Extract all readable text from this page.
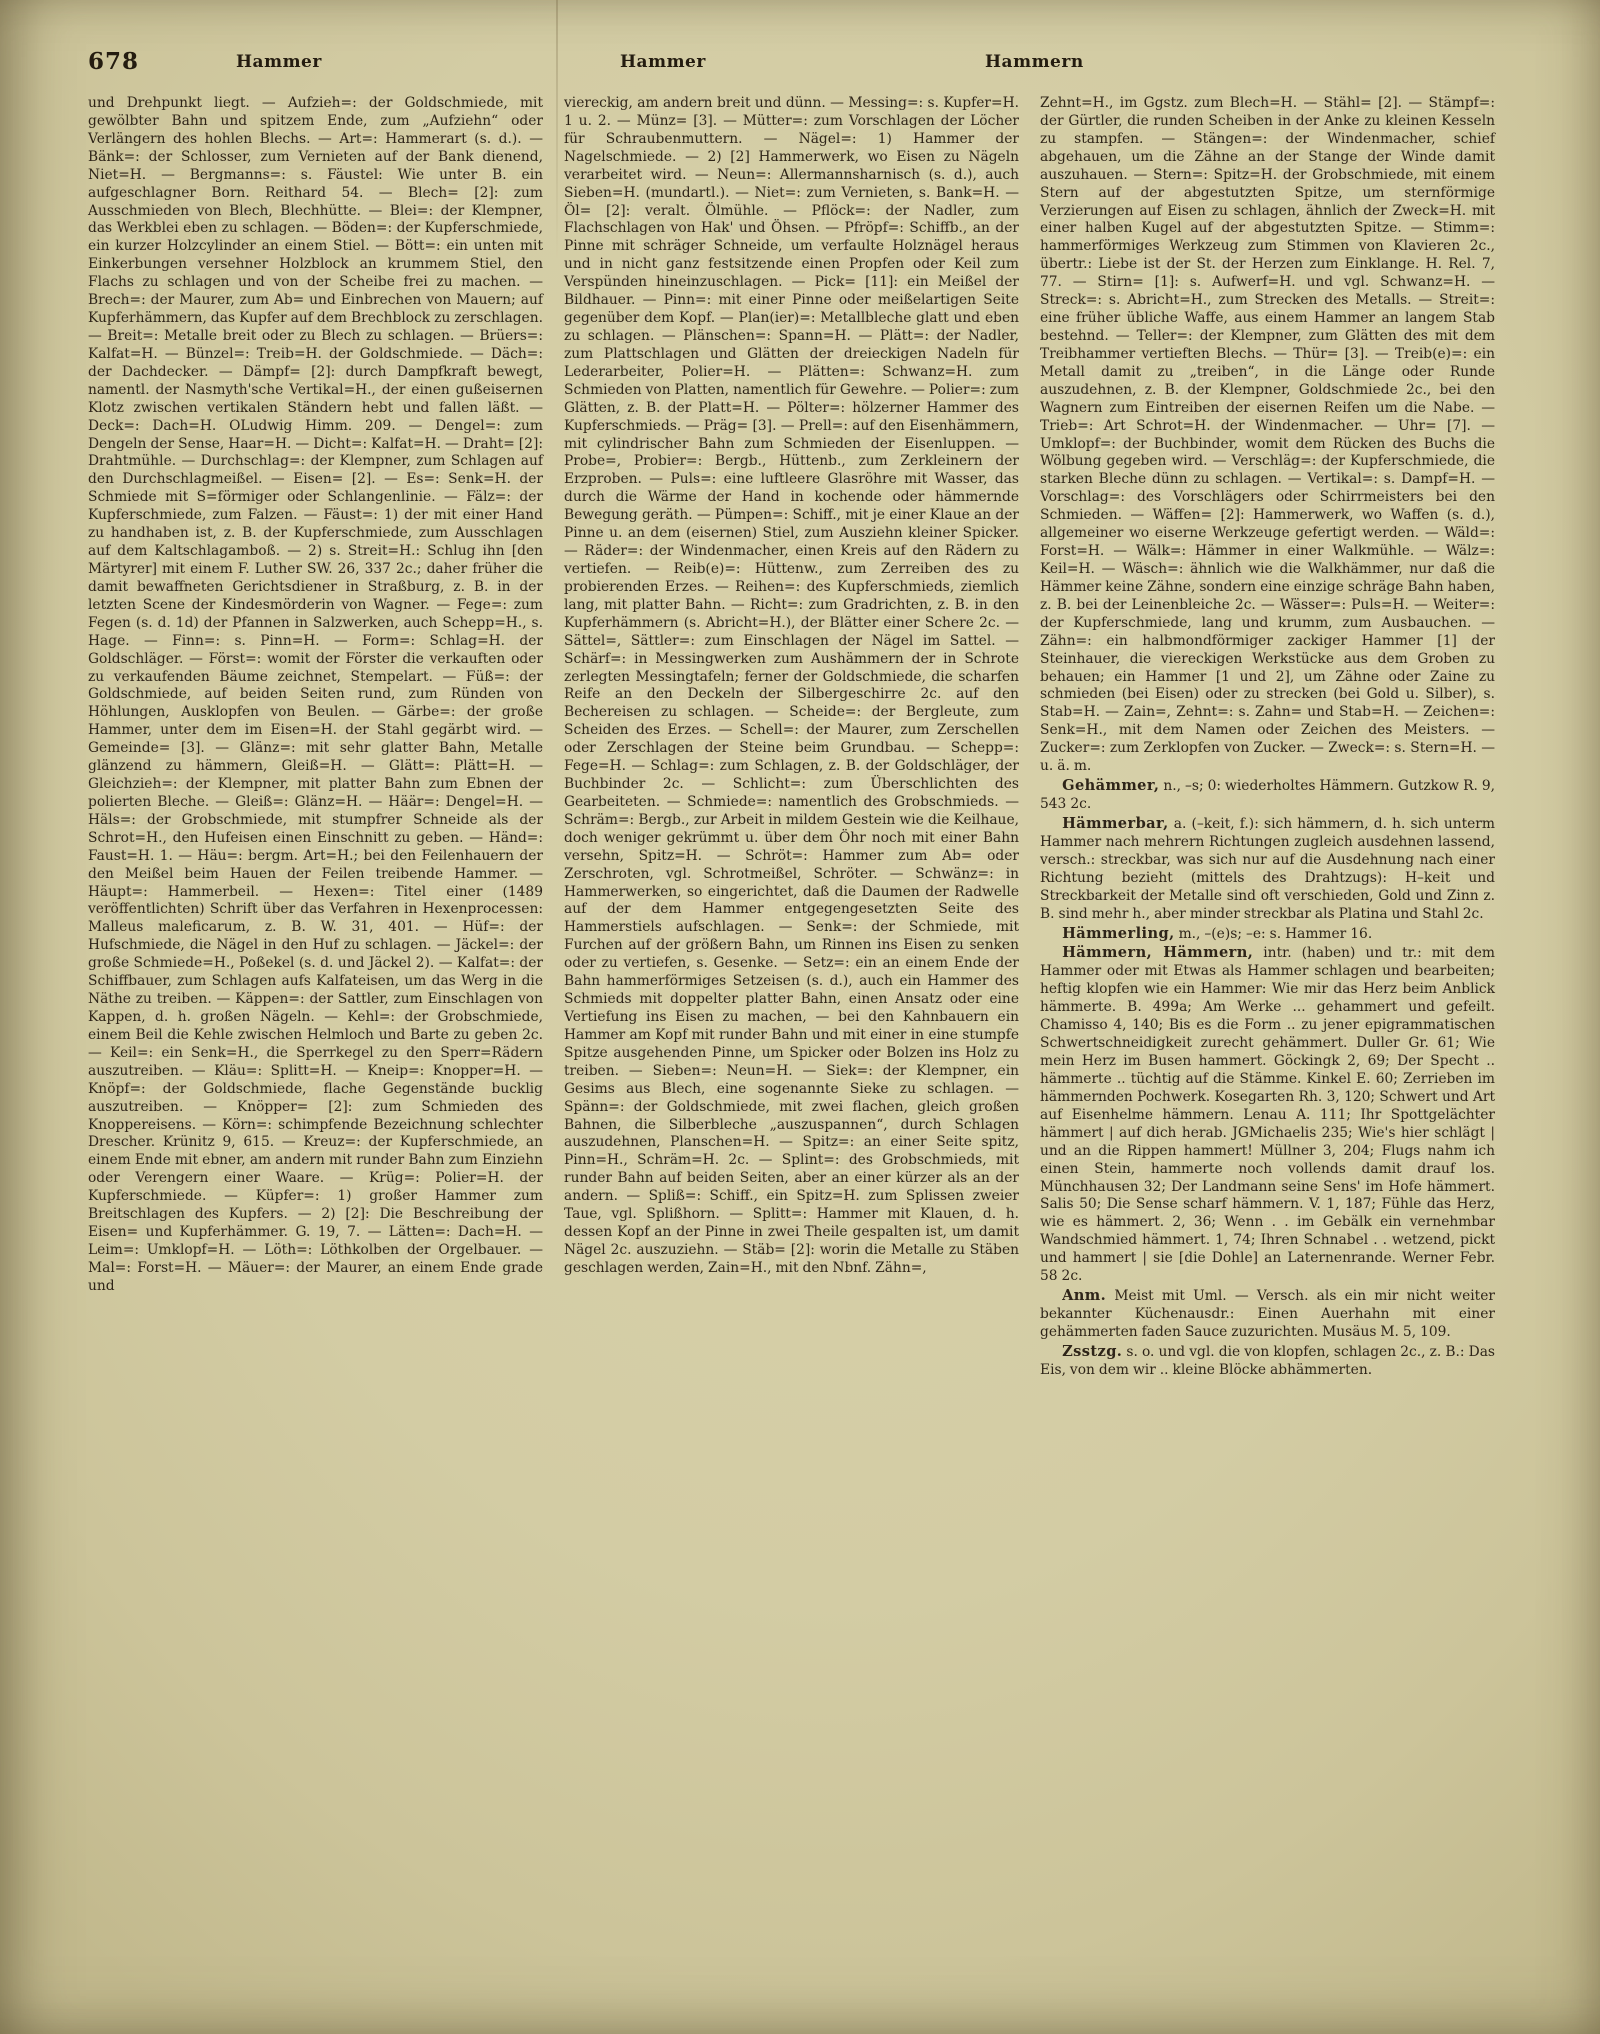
678	Hammer	Hammer	Hammern

und Drehpunkt liegt. — Aufzieh=: der Goldschmiede, mit gewölbter Bahn und spitzem Ende, zum „Aufziehn“ oder Verlängern des hohlen Blechs. — Art=: Hammerart (s. d.). — Bänk=: der Schlosser, zum Vernieten auf der Bank dienend, Niet=H. — Bergmanns=: s. Fäustel: Wie unter B. ein aufgeschlagner Born. Reithard 54. — Blech= [2]: zum Ausschmieden von Blech, Blechhütte. — Blei=: der Klempner, das Werkblei eben zu schlagen. — Böden=: der Kupferschmiede, ein kurzer Holzcylinder an einem Stiel. — Bött=: ein unten mit Einkerbungen versehner Holzblock an krummem Stiel, den Flachs zu schlagen und von der Scheibe frei zu machen. — Brech=: der Maurer, zum Ab= und Einbrechen von Mauern; auf Kupferhämmern, das Kupfer auf dem Brechblock zu zerschlagen. — Breit=: Metalle breit oder zu Blech zu schlagen. — Brüers=: Kalfat=H. — Bünzel=: Treib=H. der Goldschmiede. — Däch=: der Dachdecker. — Dämpf= [2]: durch Dampfkraft bewegt, namentl. der Nasmyth'sche Vertikal=H., der einen gußeisernen Klotz zwischen vertikalen Ständern hebt und fallen läßt. — Deck=: Dach=H. OLudwig Himm. 209. — Dengel=: zum Dengeln der Sense, Haar=H. — Dicht=: Kalfat=H. — Draht= [2]: Drahtmühle. — Durchschlag=: der Klempner, zum Schlagen auf den Durchschlagmeißel. — Eisen= [2]. — Es=: Senk=H. der Schmiede mit S=förmiger oder Schlangenlinie. — Fälz=: der Kupferschmiede, zum Falzen. — Fäust=: 1) der mit einer Hand zu handhaben ist, z. B. der Kupferschmiede, zum Ausschlagen auf dem Kaltschlagamboß. — 2) s. Streit=H.: Schlug ihn [den Märtyrer] mit einem F. Luther SW. 26, 337 2c.; daher früher die damit bewaffneten Gerichtsdiener in Straßburg, z. B. in der letzten Scene der Kindesmörderin von Wagner. — Fege=: zum Fegen (s. d. 1d) der Pfannen in Salzwerken, auch Schepp=H., s. Hage. — Finn=: s. Pinn=H. — Form=: Schlag=H. der Goldschläger. — Först=: womit der Förster die verkauften oder zu verkaufenden Bäume zeichnet, Stempelart. — Füß=: der Goldschmiede, auf beiden Seiten rund, zum Ründen von Höhlungen, Ausklopfen von Beulen. — Gärbe=: der große Hammer, unter dem im Eisen=H. der Stahl gegärbt wird. — Gemeinde= [3]. — Glänz=: mit sehr glatter Bahn, Metalle glänzend zu hämmern, Gleiß=H. — Glätt=: Plätt=H. — Gleichzieh=: der Klempner, mit platter Bahn zum Ebnen der polierten Bleche. — Gleiß=: Glänz=H. — Häär=: Dengel=H. — Häls=: der Grobschmiede, mit stumpfrer Schneide als der Schrot=H., den Hufeisen einen Einschnitt zu geben. — Händ=: Faust=H. 1. — Häu=: bergm. Art=H.; bei den Feilenhauern der den Meißel beim Hauen der Feilen treibende Hammer. — Häupt=: Hammerbeil. — Hexen=: Titel einer (1489 veröffentlichten) Schrift über das Verfahren in Hexenprocessen: Malleus maleficarum, z. B. W. 31, 401. — Hüf=: der Hufschmiede, die Nägel in den Huf zu schlagen. — Jäckel=: der große Schmiede=H., Poßekel (s. d. und Jäckel 2). — Kalfat=: der Schiffbauer, zum Schlagen aufs Kalfateisen, um das Werg in die Näthe zu treiben. — Käppen=: der Sattler, zum Einschlagen von Kappen, d. h. großen Nägeln. — Kehl=: der Grobschmiede, einem Beil die Kehle zwischen Helmloch und Barte zu geben 2c. — Keil=: ein Senk=H., die Sperrkegel zu den Sperr=Rädern auszutreiben. — Kläu=: Splitt=H. — Kneip=: Knopper=H. — Knöpf=: der Goldschmiede, flache Gegenstände bucklig auszutreiben. — Knöpper= [2]: zum Schmieden des Knoppereisens. — Körn=: schimpfende Bezeichnung schlechter Drescher. Krünitz 9, 615. — Kreuz=: der Kupferschmiede, an einem Ende mit ebner, am andern mit runder Bahn zum Einziehn oder Verengern einer Waare. — Krüg=: Polier=H. der Kupferschmiede. — Küpfer=: 1) großer Hammer zum Breitschlagen des Kupfers. — 2) [2]: Die Beschreibung der Eisen= und Kupferhämmer. G. 19, 7. — Lätten=: Dach=H. — Leim=: Umklopf=H. — Löth=: Löthkolben der Orgelbauer. — Mal=: Forst=H. — Mäuer=: der Maurer, an einem Ende grade und

viereckig, am andern breit und dünn. — Messing=: s. Kupfer=H. 1 u. 2. — Münz= [3]. — Mütter=: zum Vorschlagen der Löcher für Schraubenmuttern. — Nägel=: 1) Hammer der Nagelschmiede. — 2) [2] Hammerwerk, wo Eisen zu Nägeln verarbeitet wird. — Neun=: Allermannsharnisch (s. d.), auch Sieben=H. (mundartl.). — Niet=: zum Vernieten, s. Bank=H. — Öl= [2]: veralt. Ölmühle. — Pflöck=: der Nadler, zum Flachschlagen von Hak' und Öhsen. — Pfröpf=: Schiffb., an der Pinne mit schräger Schneide, um verfaulte Holznägel heraus und in nicht ganz festsitzende einen Propfen oder Keil zum Verspünden hineinzuschlagen. — Pick= [11]: ein Meißel der Bildhauer. — Pinn=: mit einer Pinne oder meißelartigen Seite gegenüber dem Kopf. — Plan(ier)=: Metallbleche glatt und eben zu schlagen. — Plänschen=: Spann=H. — Plätt=: der Nadler, zum Plattschlagen und Glätten der dreieckigen Nadeln für Lederarbeiter, Polier=H. — Plätten=: Schwanz=H. zum Schmieden von Platten, namentlich für Gewehre. — Polier=: zum Glätten, z. B. der Platt=H. — Pölter=: hölzerner Hammer des Kupferschmieds. — Präg= [3]. — Prell=: auf den Eisenhämmern, mit cylindrischer Bahn zum Schmieden der Eisenluppen. — Probe=, Probier=: Bergb., Hüttenb., zum Zerkleinern der Erzproben. — Puls=: eine luftleere Glasröhre mit Wasser, das durch die Wärme der Hand in kochende oder hämmernde Bewegung geräth. — Pümpen=: Schiff., mit je einer Klaue an der Pinne u. an dem (eisernen) Stiel, zum Ausziehn kleiner Spicker. — Räder=: der Windenmacher, einen Kreis auf den Rädern zu vertiefen. — Reib(e)=: Hüttenw., zum Zerreiben des zu probierenden Erzes. — Reihen=: des Kupferschmieds, ziemlich lang, mit platter Bahn. — Richt=: zum Gradrichten, z. B. in den Kupferhämmern (s. Abricht=H.), der Blätter einer Schere 2c. — Sättel=, Sättler=: zum Einschlagen der Nägel im Sattel. — Schärf=: in Messingwerken zum Aushämmern der in Schrote zerlegten Messingtafeln; ferner der Goldschmiede, die scharfen Reife an den Deckeln der Silbergeschirre 2c. auf den Bechereisen zu schlagen. — Scheide=: der Bergleute, zum Scheiden des Erzes. — Schell=: der Maurer, zum Zerschellen oder Zerschlagen der Steine beim Grundbau. — Schepp=: Fege=H. — Schlag=: zum Schlagen, z. B. der Goldschläger, der Buchbinder 2c. — Schlicht=: zum Überschlichten des Gearbeiteten. — Schmiede=: namentlich des Grobschmieds. — Schräm=: Bergb., zur Arbeit in mildem Gestein wie die Keilhaue, doch weniger gekrümmt u. über dem Öhr noch mit einer Bahn versehn, Spitz=H. — Schröt=: Hammer zum Ab= oder Zerschroten, vgl. Schrotmeißel, Schröter. — Schwänz=: in Hammerwerken, so eingerichtet, daß die Daumen der Radwelle auf der dem Hammer entgegengesetzten Seite des Hammerstiels aufschlagen. — Senk=: der Schmiede, mit Furchen auf der größern Bahn, um Rinnen ins Eisen zu senken oder zu vertiefen, s. Gesenke. — Setz=: ein an einem Ende der Bahn hammerförmiges Setzeisen (s. d.), auch ein Hammer des Schmieds mit doppelter platter Bahn, einen Ansatz oder eine Vertiefung ins Eisen zu machen, — bei den Kahnbauern ein Hammer am Kopf mit runder Bahn und mit einer in eine stumpfe Spitze ausgehenden Pinne, um Spicker oder Bolzen ins Holz zu treiben. — Sieben=: Neun=H. — Siek=: der Klempner, ein Gesims aus Blech, eine sogenannte Sieke zu schlagen. — Spänn=: der Goldschmiede, mit zwei flachen, gleich großen Bahnen, die Silberbleche „auszuspannen“, durch Schlagen auszudehnen, Planschen=H. — Spitz=: an einer Seite spitz, Pinn=H., Schräm=H. 2c. — Splint=: des Grobschmieds, mit runder Bahn auf beiden Seiten, aber an einer kürzer als an der andern. — Spliß=: Schiff., ein Spitz=H. zum Splissen zweier Taue, vgl. Splißhorn. — Splitt=: Hammer mit Klauen, d. h. dessen Kopf an der Pinne in zwei Theile gespalten ist, um damit Nägel 2c. auszuziehn. — Stäb= [2]: worin die Metalle zu Stäben geschlagen werden, Zain=H., mit den Nbnf. Zähn=,

Zehnt=H., im Ggstz. zum Blech=H. — Stähl= [2]. — Stämpf=: der Gürtler, die runden Scheiben in der Anke zu kleinen Kesseln zu stampfen. — Stängen=: der Windenmacher, schief abgehauen, um die Zähne an der Stange der Winde damit auszuhauen. — Stern=: Spitz=H. der Grobschmiede, mit einem Stern auf der abgestutzten Spitze, um sternförmige Verzierungen auf Eisen zu schlagen, ähnlich der Zweck=H. mit einer halben Kugel auf der abgestutzten Spitze. — Stimm=: hammerförmiges Werkzeug zum Stimmen von Klavieren 2c., übertr.: Liebe ist der St. der Herzen zum Einklange. H. Rel. 7, 77. — Stirn= [1]: s. Aufwerf=H. und vgl. Schwanz=H. — Streck=: s. Abricht=H., zum Strecken des Metalls. — Streit=: eine früher übliche Waffe, aus einem Hammer an langem Stab bestehnd. — Teller=: der Klempner, zum Glätten des mit dem Treibhammer vertieften Blechs. — Thür= [3]. — Treib(e)=: ein Metall damit zu „treiben“, in die Länge oder Runde auszudehnen, z. B. der Klempner, Goldschmiede 2c., bei den Wagnern zum Eintreiben der eisernen Reifen um die Nabe. — Trieb=: Art Schrot=H. der Windenmacher. — Uhr= [7]. — Umklopf=: der Buchbinder, womit dem Rücken des Buchs die Wölbung gegeben wird. — Verschläg=: der Kupferschmiede, die starken Bleche dünn zu schlagen. — Vertikal=: s. Dampf=H. — Vorschlag=: des Vorschlägers oder Schirrmeisters bei den Schmieden. — Wäffen= [2]: Hammerwerk, wo Waffen (s. d.), allgemeiner wo eiserne Werkzeuge gefertigt werden. — Wäld=: Forst=H. — Wälk=: Hämmer in einer Walkmühle. — Wälz=: Keil=H. — Wäsch=: ähnlich wie die Walkhämmer, nur daß die Hämmer keine Zähne, sondern eine einzige schräge Bahn haben, z. B. bei der Leinenbleiche 2c. — Wässer=: Puls=H. — Weiter=: der Kupferschmiede, lang und krumm, zum Ausbauchen. — Zähn=: ein halbmondförmiger zackiger Hammer [1] der Steinhauer, die viereckigen Werkstücke aus dem Groben zu behauen; ein Hammer [1 und 2], um Zähne oder Zaine zu schmieden (bei Eisen) oder zu strecken (bei Gold u. Silber), s. Stab=H. — Zain=, Zehnt=: s. Zahn= und Stab=H. — Zeichen=: Senk=H., mit dem Namen oder Zeichen des Meisters. — Zucker=: zum Zerklopfen von Zucker. — Zweck=: s. Stern=H. — u. ä. m.

Gehämmer, n., –s; 0: wiederholtes Hämmern. Gutzkow R. 9, 543 2c.

Hämmerbar, a. (–keit, f.): sich hämmern, d. h. sich unterm Hammer nach mehrern Richtungen zugleich ausdehnen lassend, versch.: streckbar, was sich nur auf die Ausdehnung nach einer Richtung bezieht (mittels des Drahtzugs): H–keit und Streckbarkeit der Metalle sind oft verschieden, Gold und Zinn z. B. sind mehr h., aber minder streckbar als Platina und Stahl 2c.

Hämmerling, m., –(e)s; –e: s. Hammer 16.

Hämmern, Hämmern, intr. (haben) und tr.: mit dem Hammer oder mit Etwas als Hammer schlagen und bearbeiten; heftig klopfen wie ein Hammer: Wie mir das Herz beim Anblick hämmerte. B. 499a; Am Werke ... gehammert und gefeilt. Chamisso 4, 140; Bis es die Form .. zu jener epigrammatischen Schwertschneidigkeit zurecht gehämmert. Duller Gr. 61; Wie mein Herz im Busen hammert. Göckingk 2, 69; Der Specht .. hämmerte .. tüchtig auf die Stämme. Kinkel E. 60; Zerrieben im hämmernden Pochwerk. Kosegarten Rh. 3, 120; Schwert und Art auf Eisenhelme hämmern. Lenau A. 111; Ihr Spottgelächter hämmert | auf dich herab. JGMichaelis 235; Wie's hier schlägt | und an die Rippen hammert! Müllner 3, 204; Flugs nahm ich einen Stein, hammerte noch vollends damit drauf los. Münchhausen 32; Der Landmann seine Sens' im Hofe hämmert. Salis 50; Die Sense scharf hämmern. V. 1, 187; Fühle das Herz, wie es hämmert. 2, 36; Wenn . . im Gebälk ein vernehmbar Wandschmied hämmert. 1, 74; Ihren Schnabel . . wetzend, pickt und hammert | sie [die Dohle] an Laternenrande. Werner Febr. 58 2c.

Anm. Meist mit Uml. — Versch. als ein mir nicht weiter bekannter Küchenausdr.: Einen Auerhahn mit einer gehämmerten faden Sauce zuzurichten. Musäus M. 5, 109.

Zsstzg. s. o. und vgl. die von klopfen, schlagen 2c., z. B.: Das Eis, von dem wir .. kleine Blöcke abhämmerten.
